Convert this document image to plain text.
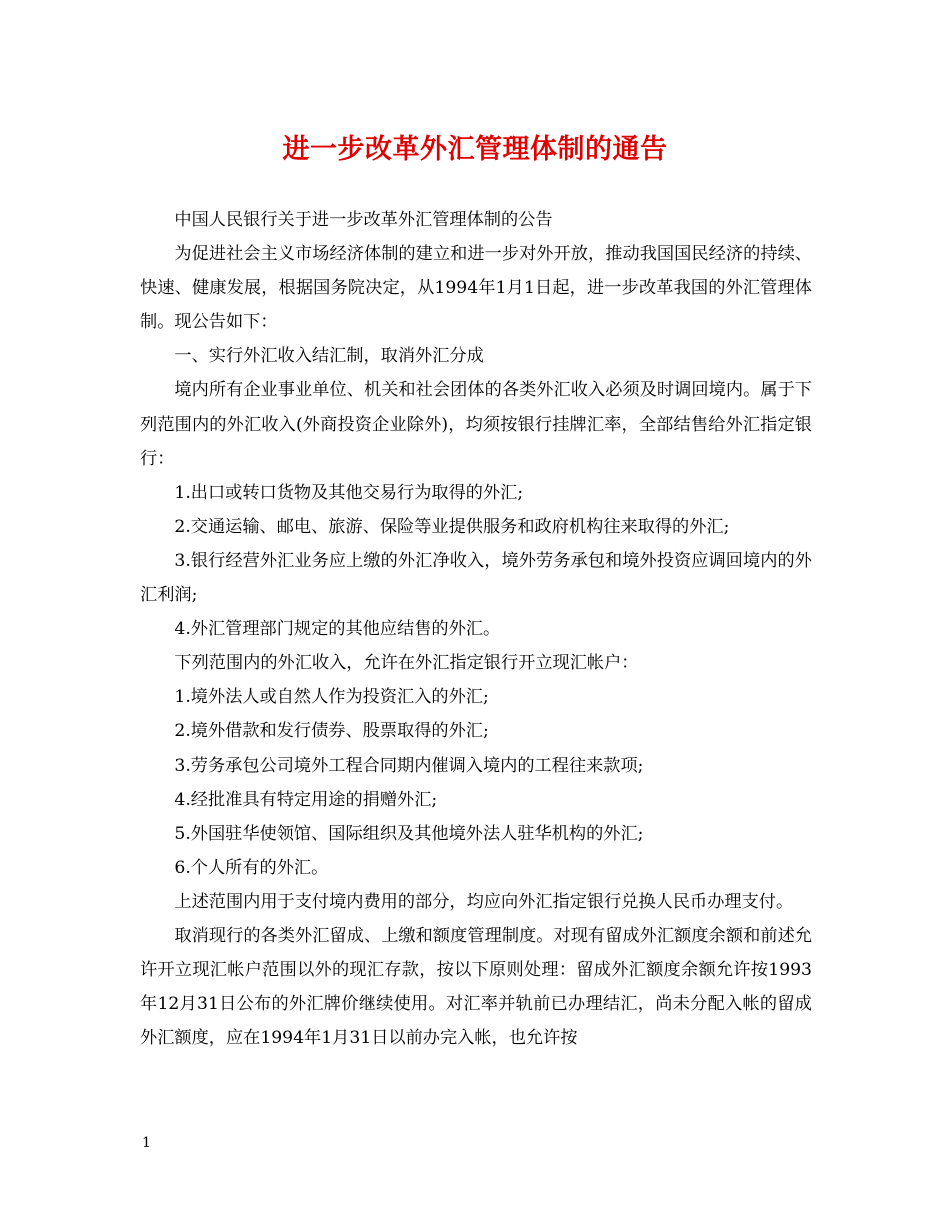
进一步改革外汇管理体制的通告

中国人民银行关于进一步改革外汇管理体制的公告

为促进社会主义市场经济体制的建立和进一步对外开放，推动我国国民经济的持续、快速、健康发展，根据国务院决定，从1994年1月1日起，进一步改革我国的外汇管理体制。现公告如下：

一、实行外汇收入结汇制，取消外汇分成

境内所有企业事业单位、机关和社会团体的各类外汇收入必须及时调回境内。属于下列范围内的外汇收入(外商投资企业除外)，均须按银行挂牌汇率，全部结售给外汇指定银行：

1.出口或转口货物及其他交易行为取得的外汇;

2.交通运输、邮电、旅游、保险等业提供服务和政府机构往来取得的外汇;

3.银行经营外汇业务应上缴的外汇净收入，境外劳务承包和境外投资应调回境内的外汇利润;

4.外汇管理部门规定的其他应结售的外汇。

下列范围内的外汇收入，允许在外汇指定银行开立现汇帐户：

1.境外法人或自然人作为投资汇入的外汇;

2.境外借款和发行债券、股票取得的外汇;

3.劳务承包公司境外工程合同期内催调入境内的工程往来款项;

4.经批准具有特定用途的捐赠外汇;

5.外国驻华使领馆、国际组织及其他境外法人驻华机构的外汇;

6.个人所有的外汇。

上述范围内用于支付境内费用的部分，均应向外汇指定银行兑换人民币办理支付。

取消现行的各类外汇留成、上缴和额度管理制度。对现有留成外汇额度余额和前述允许开立现汇帐户范围以外的现汇存款，按以下原则处理：留成外汇额度余额允许按1993年12月31日公布的外汇牌价继续使用。对汇率并轨前已办理结汇，尚未分配入帐的留成外汇额度，应在1994年1月31日以前办完入帐，也允许按

1
